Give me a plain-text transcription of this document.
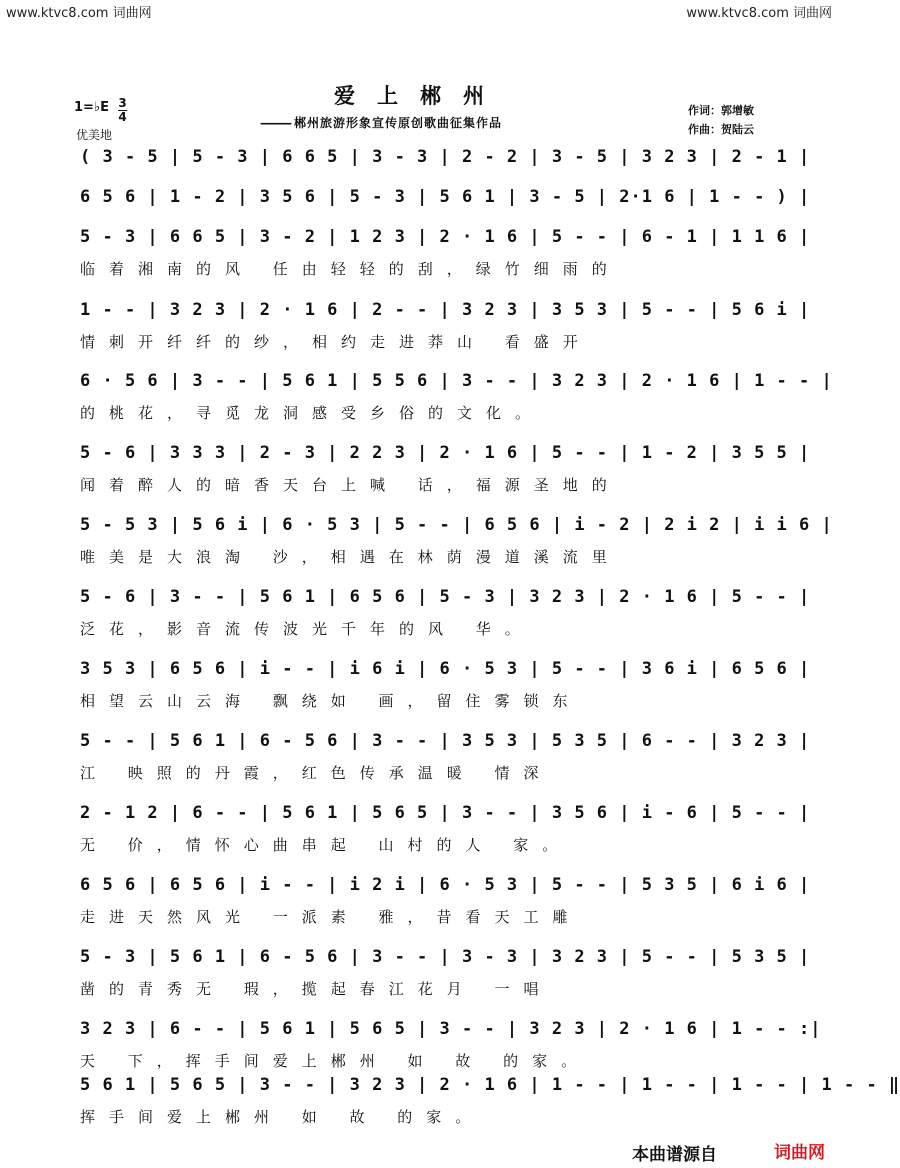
www.ktvc8.com 词曲网	www.ktvc8.com 词曲网
爱上郴州
——— 郴州旅游形象宣传原创歌曲征集作品
作词：郭增敏
作曲：贺陆云
1=♭E 3
4
优美地
( 3 - 5 | 5 - 3 | 6 6 5 | 3 - 3 | 2 - 2 | 3 - 5 | 3 2 3 | 2 - 1 |
6 5 6 | 1 - 2 | 3 5 6 | 5 - 3 | 5 6 1 | 3 - 5 | 2·1 6 | 1 - - ) |
5 - 3 | 6 6 5 | 3 - 2 | 1 2 3 | 2 · 1 6 | 5 - - | 6 - 1 | 1 1 6 |
临着湘南的风 任由轻轻的刮，绿竹细雨的
1 - - | 3 2 3 | 2 · 1 6 | 2 - - | 3 2 3 | 3 5 3 | 5 - - | 5 6 i |
情刺开纤纤的纱，相约走进莽山 看盛开
6 · 5 6 | 3 - - | 5 6 1 | 5 5 6 | 3 - - | 3 2 3 | 2 · 1 6 | 1 - - |
的桃花，寻觅龙洞感受乡俗的文化。
5 - 6 | 3 3 3 | 2 - 3 | 2 2 3 | 2 · 1 6 | 5 - - | 1 - 2 | 3 5 5 |
闻着醉人的暗香天台上喊 话，福源圣地的
5 - 5 3 | 5 6 i | 6 · 5 3 | 5 - - | 6 5 6 | i - 2 | 2 i 2 | i i 6 |
唯美是大浪淘 沙，相遇在林荫漫道溪流里
5 - 6 | 3 - - | 5 6 1 | 6 5 6 | 5 - 3 | 3 2 3 | 2 · 1 6 | 5 - - |
泛花，影音流传波光千年的风 华。
3 5 3 | 6 5 6 | i - - | i 6 i | 6 · 5 3 | 5 - - | 3 6 i | 6 5 6 |
相望云山云海 飘绕如 画，留住雾锁东
5 - - | 5 6 1 | 6 - 5 6 | 3 - - | 3 5 3 | 5 3 5 | 6 - - | 3 2 3 |
江 映照的丹霞，红色传承温暖 情深
2 - 1 2 | 6 - - | 5 6 1 | 5 6 5 | 3 - - | 3 5 6 | i - 6 | 5 - - |
无 价，情怀心曲串起 山村的人 家。
6 5 6 | 6 5 6 | i - - | i 2 i | 6 · 5 3 | 5 - - | 5 3 5 | 6 i 6 |
走进天然风光 一派素 雅，昔看天工雕
5 - 3 | 5 6 1 | 6 - 5 6 | 3 - - | 3 - 3 | 3 2 3 | 5 - - | 5 3 5 |
凿的青秀无 瑕，揽起春江花月 一唱
3 2 3 | 6 - - | 5 6 1 | 5 6 5 | 3 - - | 3 2 3 | 2 · 1 6 | 1 - - :|
天 下，挥手间爱上郴州 如 故 的家。
5 6 1 | 5 6 5 | 3 - - | 3 2 3 | 2 · 1 6 | 1 - - | 1 - - | 1 - - | 1 - - ‖
挥手间爱上郴州 如 故 的家。
本曲谱源自	词曲网
